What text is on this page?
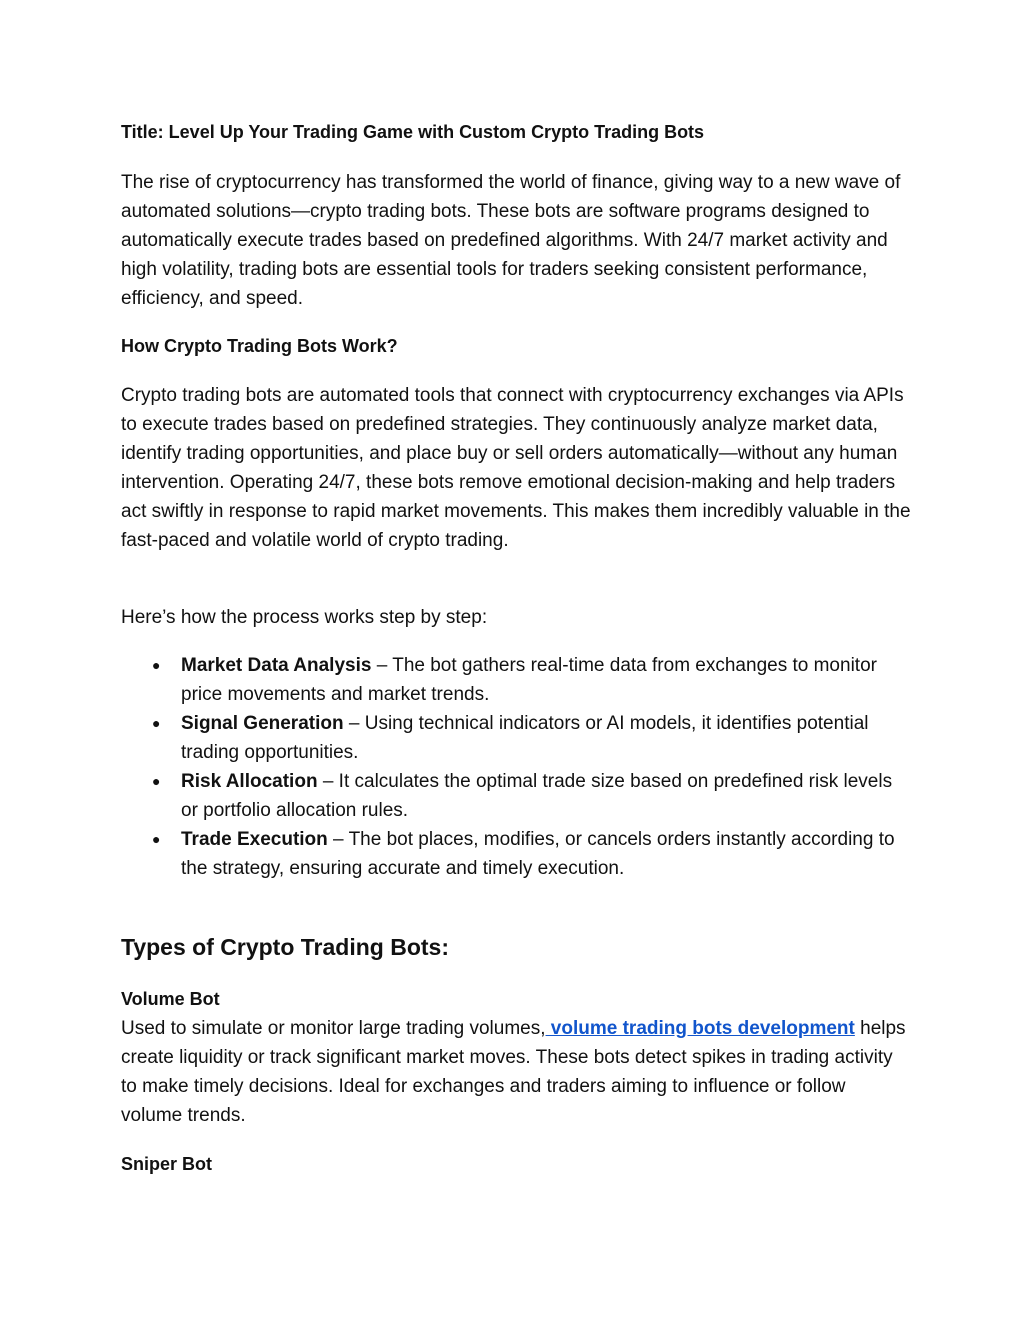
Title: Level Up Your Trading Game with Custom Crypto Trading Bots

The rise of cryptocurrency has transformed the world of finance, giving way to a new wave of automated solutions—crypto trading bots. These bots are software programs designed to automatically execute trades based on predefined algorithms. With 24/7 market activity and high volatility, trading bots are essential tools for traders seeking consistent performance, efficiency, and speed.

How Crypto Trading Bots Work?

Crypto trading bots are automated tools that connect with cryptocurrency exchanges via APIs to execute trades based on predefined strategies. They continuously analyze market data, identify trading opportunities, and place buy or sell orders automatically—without any human intervention. Operating 24/7, these bots remove emotional decision-making and help traders act swiftly in response to rapid market movements. This makes them incredibly valuable in the fast-paced and volatile world of crypto trading.

Here’s how the process works step by step:

● Market Data Analysis – The bot gathers real-time data from exchanges to monitor price movements and market trends.
● Signal Generation – Using technical indicators or AI models, it identifies potential trading opportunities.
● Risk Allocation – It calculates the optimal trade size based on predefined risk levels or portfolio allocation rules.
● Trade Execution – The bot places, modifies, or cancels orders instantly according to the strategy, ensuring accurate and timely execution.
Types of Crypto Trading Bots:
Volume Bot

Used to simulate or monitor large trading volumes, volume trading bots development helps create liquidity or track significant market moves. These bots detect spikes in trading activity to make timely decisions. Ideal for exchanges and traders aiming to influence or follow volume trends.

Sniper Bot
